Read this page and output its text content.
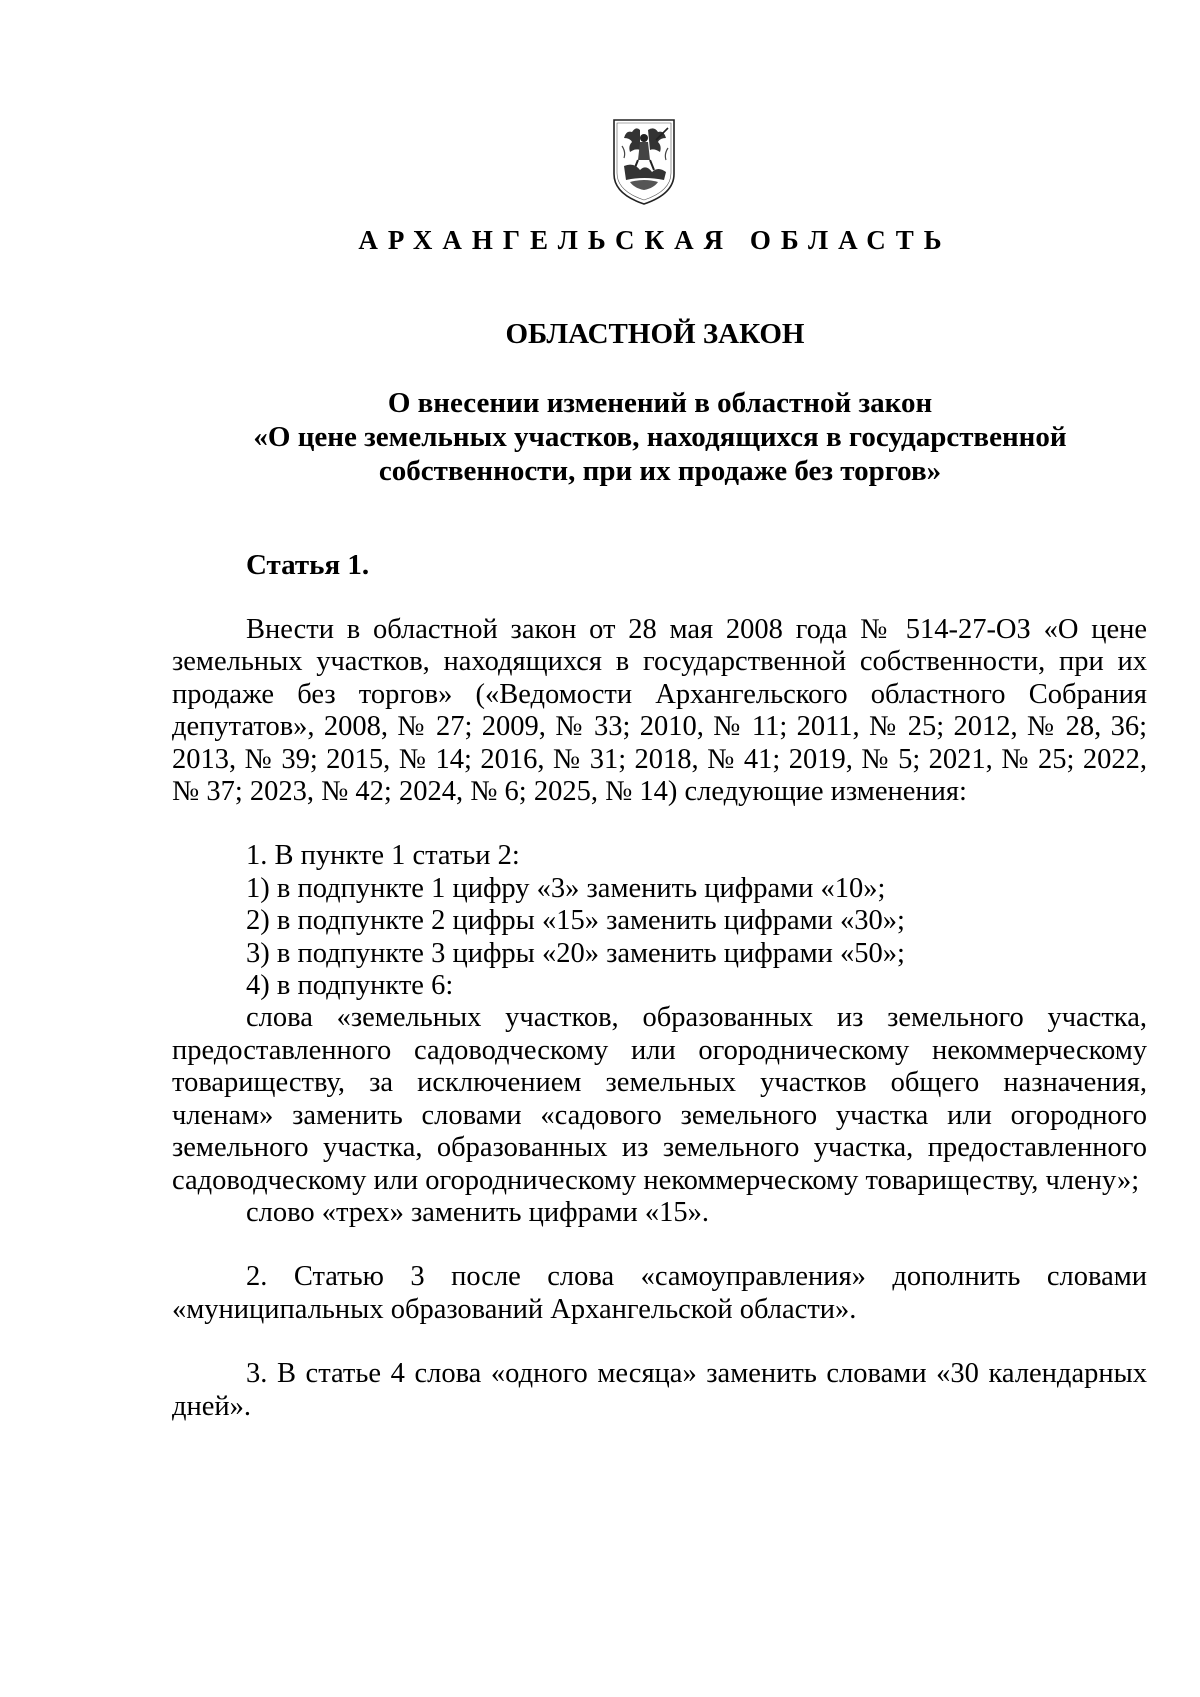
АРХАНГЕЛЬСКАЯ ОБЛАСТЬ
ОБЛАСТНОЙ ЗАКОН
О внесении изменений в областной закон
«О цене земельных участков, находящихся в государственной
собственности, при их продаже без торгов»
Статья 1.

Внести в областной закон от 28 мая 2008 года № 514-27-ОЗ «О цене земельных участков, находящихся в государственной собственности, при их продаже без торгов» («Ведомости Архангельского областного Собрания депутатов», 2008, № 27; 2009, № 33; 2010, № 11; 2011, № 25; 2012, № 28, 36; 2013, № 39; 2015, № 14; 2016, № 31; 2018, № 41; 2019, № 5; 2021, № 25; 2022, № 37; 2023, № 42; 2024, № 6; 2025, № 14) следующие изменения:

1. В пункте 1 статьи 2:

1) в подпункте 1 цифру «3» заменить цифрами «10»;

2) в подпункте 2 цифры «15» заменить цифрами «30»;

3) в подпункте 3 цифры «20» заменить цифрами «50»;

4) в подпункте 6:

слова «земельных участков, образованных из земельного участка, предоставленного садоводческому или огородническому некоммерческому товариществу, за исключением земельных участков общего назначения, членам» заменить словами «садового земельного участка или огородного земельного участка, образованных из земельного участка, предоставленного садоводческому или огородническому некоммерческому товариществу, члену»;

слово «трех» заменить цифрами «15».

2. Статью 3 после слова «самоуправления» дополнить словами «муниципальных образований Архангельской области».

3. В статье 4 слова «одного месяца» заменить словами «30 календарных дней».
